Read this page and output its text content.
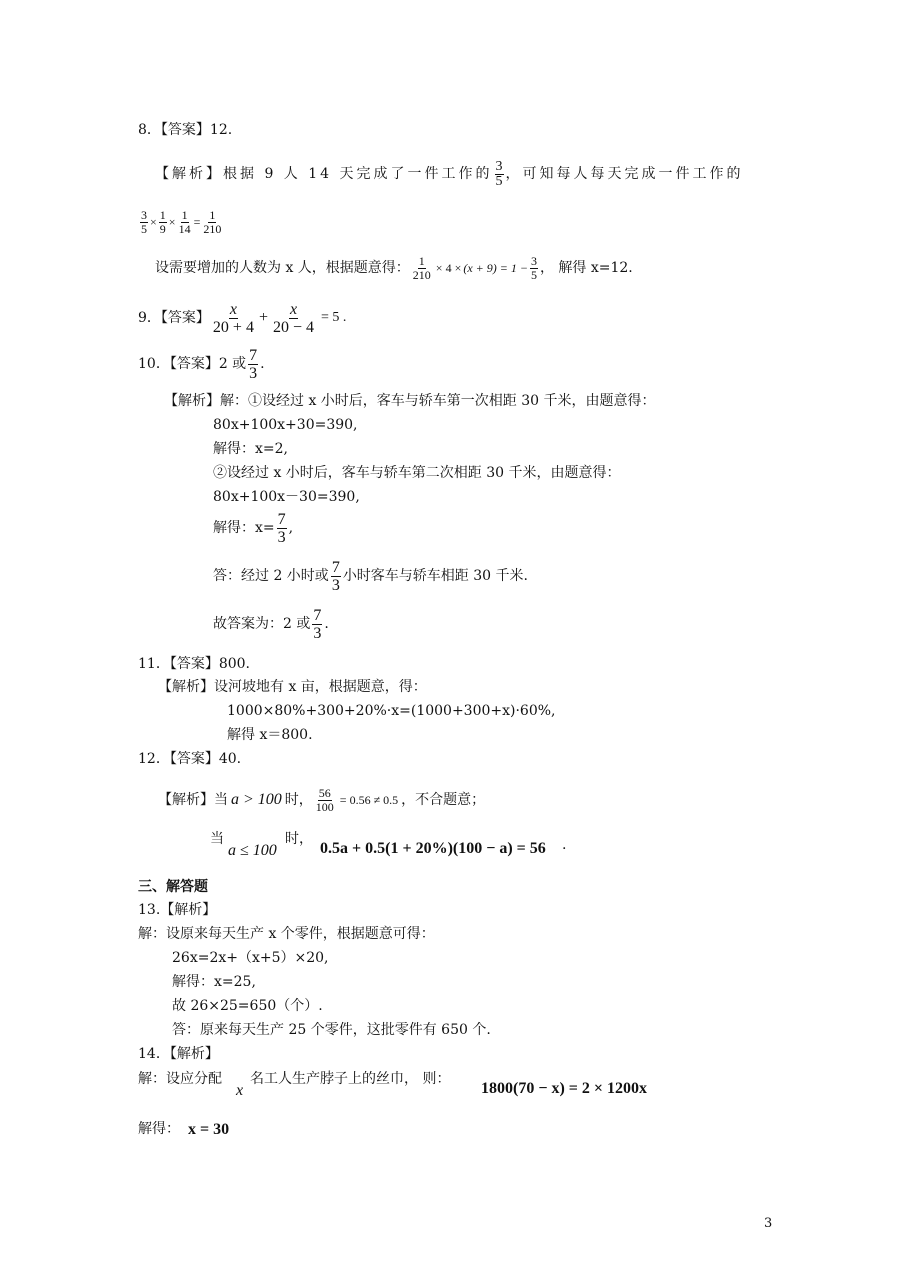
8．【答案】12.
【解析】根据 9 人 14 天完成了一件工作的 $\frac{3}{5}$ ，可知每人每天完成一件工作的
$\frac{3}{5} \times \frac{1}{9} \times \frac{1}{14} = \frac{1}{210}$
设需要增加的人数为 x 人，根据题意得： $\frac{1}{210} \times 4 \times (x + 9) = 1 - \frac{3}{5}$ ， 解得 x=12.
9．【答案】 $\frac{x}{20 + 4} + \frac{x}{20 - 4} = 5$ .
10．【答案】2 或 $\frac{7}{3}$ .
【解析】解：①设经过 x 小时后，客车与轿车第一次相距 30 千米，由题意得：
80x+100x+30=390,
解得：x=2,
②设经过 x 小时后，客车与轿车第二次相距 30 千米，由题意得：
80x+100x－30=390,
解得：$x= \frac{7}{3}$ ,
答：经过 2 小时或 $\frac{7}{3}$ 小时客车与轿车相距 30 千米.
故答案为：2 或 $\frac{7}{3}$ .
11．【答案】800.
【解析】设河坡地有 x 亩，根据题意，得：
1000×80%+300+20%·x=(1000+300+x)·60%,
解得 x＝800.
12．【答案】40.
【解析】当 a > 100 时， $\frac{56}{100} = 0.56 \ne 0.5$ ，不合题意；
当
a ≤ 100
时，
0.5a + 0.5(1 + 20%)(100 − a) = 56 .
三、解答题
13.【解析】
解：设原来每天生产 x 个零件，根据题意可得：
26x=2x+（x+5）×20,
解得：x=25,
故 26×25=650（个）.
答：原来每天生产 25 个零件，这批零件有 650 个.
14．【解析】
解：设应分配
x
名工人生产脖子上的丝巾， 则：
1800(70 − x) = 2 × 1200x
解得： x = 30
3
